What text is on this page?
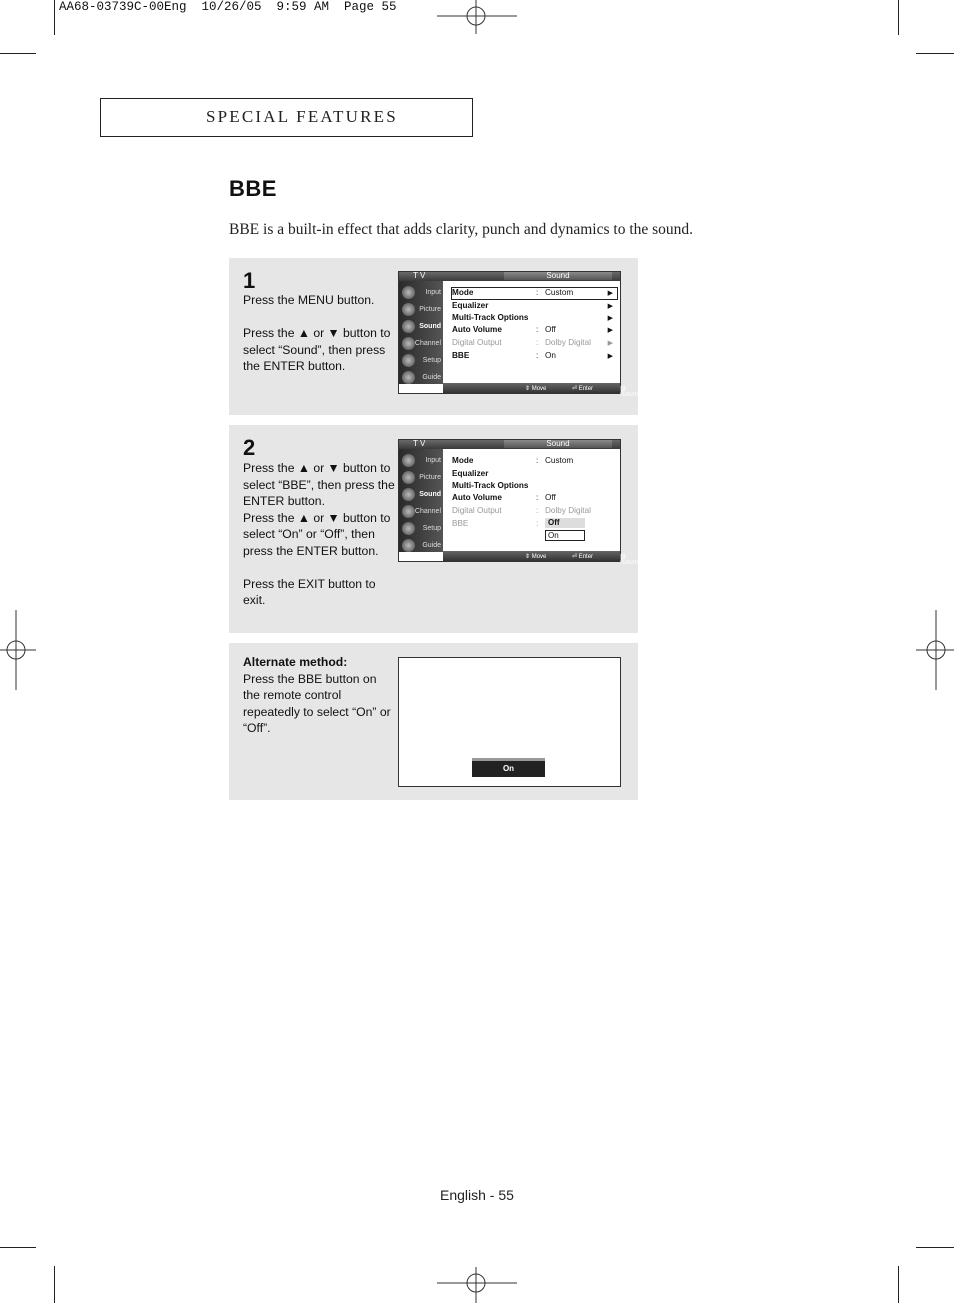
AA68-03739C-00Eng  10/26/05  9:59 AM  Page 55
SPECIAL FEATURES
BBE
BBE is a built-in effect that adds clarity, punch and dynamics to the sound.
1

Press the MENU button.

Press the ▲ or ▼ button to select “Sound”, then press the ENTER button.

T V	Sound
Input
Picture
Sound
Channel
Setup
Guide
Mode	: Custom	▶
Equalizer	▶
Multi-Track Options	▶
Auto Volume	: Off	▶
Digital Output	: Dolby Digital ▶
BBE	: On	▶
⇕ Move	⏎ Enter	▥ Return
2

Press the ▲ or ▼ button to select “BBE”, then press the ENTER button.

Press the ▲ or ▼ button to select “On” or “Off”, then press the ENTER button.

Press the EXIT button to exit.

T V	Sound
Input
Picture
Sound
Channel
Setup
Guide
Mode	: Custom
Equalizer
Multi-Track Options
Auto Volume	: Off
Digital Output	: Dolby Digital
BBE	:	Off
On
⇕ Move	⏎ Enter	▥ Return

Alternate method:

Press the BBE button on the remote control repeatedly to select “On” or “Off”.

On
English - 55
